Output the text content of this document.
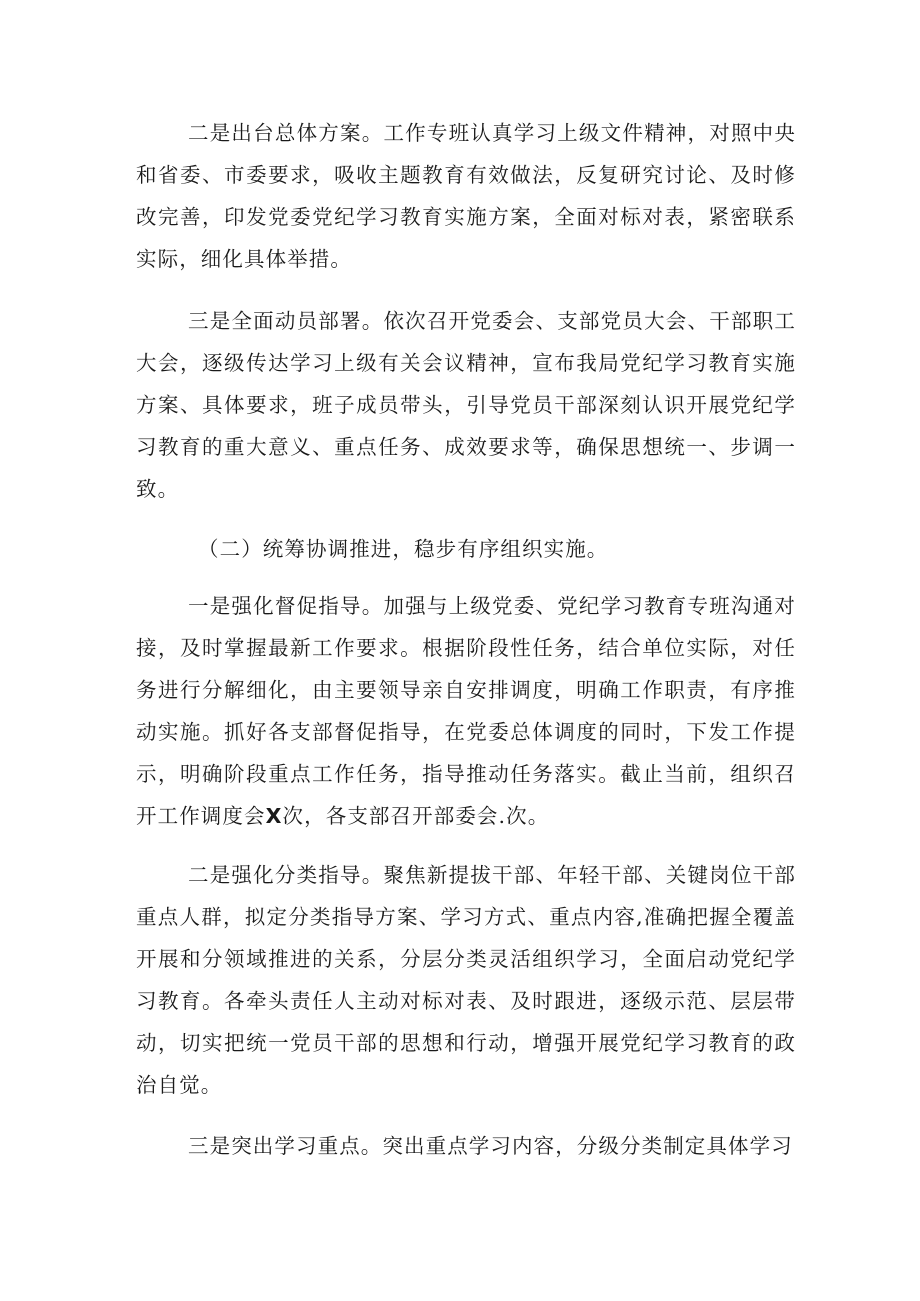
二是出台总体方案。工作专班认真学习上级文件精神，对照中央和省委、市委要求，吸收主题教育有效做法，反复研究讨论、及时修改完善，印发党委党纪学习教育实施方案，全面对标对表，紧密联系实际，细化具体举措。

三是全面动员部署。依次召开党委会、支部党员大会、干部职工大会，逐级传达学习上级有关会议精神，宣布我局党纪学习教育实施方案、具体要求，班子成员带头，引导党员干部深刻认识开展党纪学习教育的重大意义、重点任务、成效要求等，确保思想统一、步调一致。

（二）统筹协调推进，稳步有序组织实施。

一是强化督促指导。加强与上级党委、党纪学习教育专班沟通对接，及时掌握最新工作要求。根据阶段性任务，结合单位实际，对任务进行分解细化，由主要领导亲自安排调度，明确工作职责，有序推动实施。抓好各支部督促指导，在党委总体调度的同时，下发工作提示，明确阶段重点工作任务，指导推动任务落实。截止当前，组织召开工作调度会X次，各支部召开部委会.次。

二是强化分类指导。聚焦新提拔干部、年轻干部、关键岗位干部重点人群，拟定分类指导方案、学习方式、重点内容,准确把握全覆盖开展和分领域推进的关系，分层分类灵活组织学习，全面启动党纪学习教育。各牵头责任人主动对标对表、及时跟进，逐级示范、层层带动，切实把统一党员干部的思想和行动，增强开展党纪学习教育的政治自觉。

三是突出学习重点。突出重点学习内容，分级分类制定具体学习
